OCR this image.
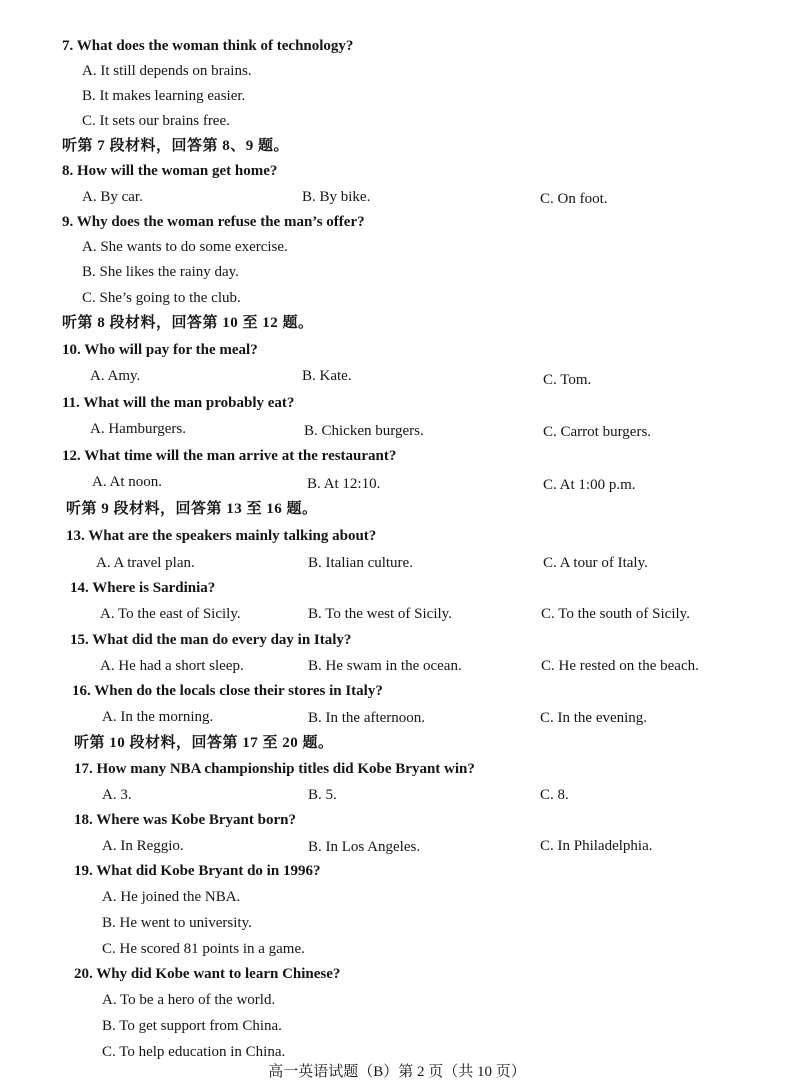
7. What does the woman think of technology?
A. It still depends on brains.
B. It makes learning easier.
C. It sets our brains free.
听第 7 段材料，回答第 8、9 题。
8. How will the woman get home?
A. By car.	B. By bike.	C. On foot.
9. Why does the woman refuse the man’s offer?
A. She wants to do some exercise.
B. She likes the rainy day.
C. She’s going to the club.
听第 8 段材料，回答第 10 至 12 题。
10. Who will pay for the meal?
A. Amy.	B. Kate.	C. Tom.
11. What will the man probably eat?
A. Hamburgers.	B. Chicken burgers.	C. Carrot burgers.
12. What time will the man arrive at the restaurant?
A. At noon.	B. At 12:10.	C. At 1:00 p.m.
听第 9 段材料，回答第 13 至 16 题。
13. What are the speakers mainly talking about?
A. A travel plan.	B. Italian culture.	C. A tour of Italy.
14. Where is Sardinia?
A. To the east of Sicily.	B. To the west of Sicily.	C. To the south of Sicily.
15. What did the man do every day in Italy?
A. He had a short sleep.	B. He swam in the ocean.	C. He rested on the beach.
16. When do the locals close their stores in Italy?
A. In the morning.	B. In the afternoon.	C. In the evening.
听第 10 段材料，回答第 17 至 20 题。
17. How many NBA championship titles did Kobe Bryant win?
A. 3.	B. 5.	C. 8.
18. Where was Kobe Bryant born?
A. In Reggio.	B. In Los Angeles.	C. In Philadelphia.
19. What did Kobe Bryant do in 1996?
A. He joined the NBA.
B. He went to university.
C. He scored 81 points in a game.
20. Why did Kobe want to learn Chinese?
A. To be a hero of the world.
B. To get support from China.
C. To help education in China.
高一英语试题（B）第 2 页（共 10 页）
